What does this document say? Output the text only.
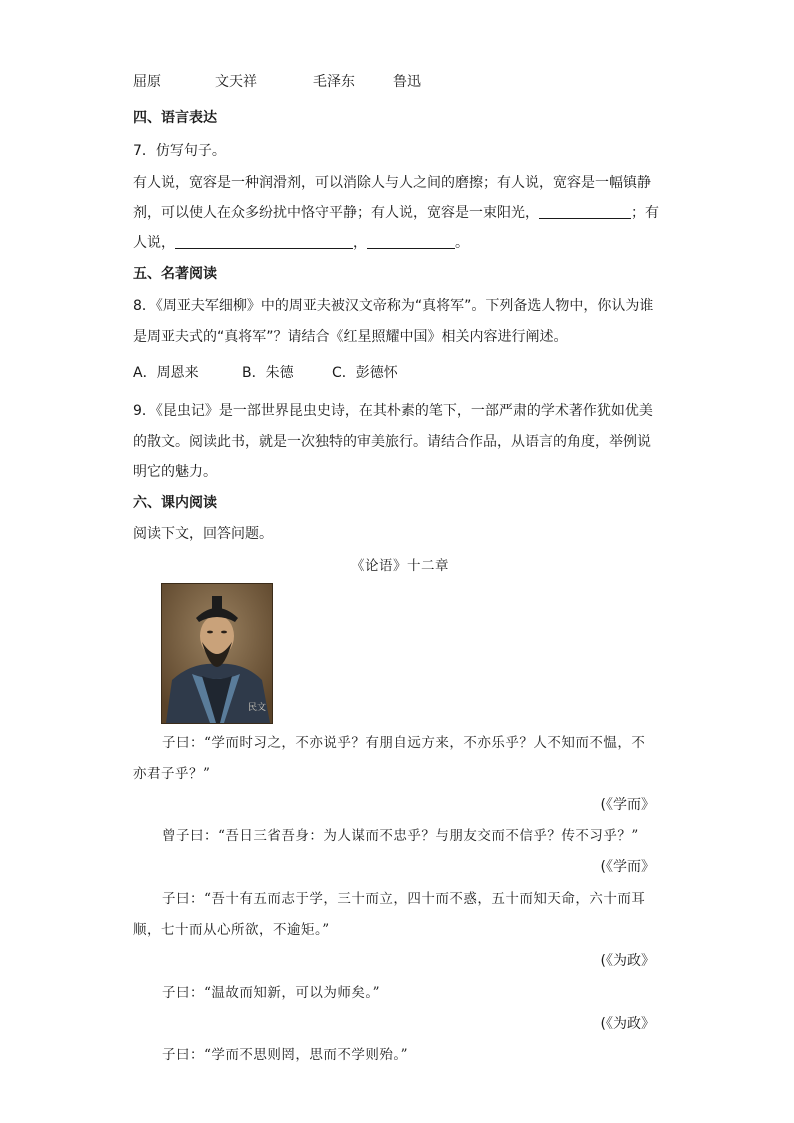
屈原	文天祥	毛泽东	鲁迅
四、语言表达
7．仿写句子。
有人说，宽容是一种润滑剂，可以消除人与人之间的磨擦；有人说，宽容是一幅镇静
剂，可以使人在众多纷扰中恪守平静；有人说，宽容是一束阳光，	；有
人说，	，	。
五、名著阅读
8．《周亚夫军细柳》中的周亚夫被汉文帝称为“真将军”。下列备选人物中，你认为谁
是周亚夫式的“真将军”？请结合《红星照耀中国》相关内容进行阐述。
A．周恩来	B．朱德	C．彭德怀
9．《昆虫记》是一部世界昆虫史诗，在其朴素的笔下，一部严肃的学术著作犹如优美
的散文。阅读此书，就是一次独特的审美旅行。请结合作品，从语言的角度，举例说
明它的魅力。
六、课内阅读
阅读下文，回答问题。
《论语》十二章
民文
子曰：“学而时习之，不亦说乎？有朋自远方来，不亦乐乎？人不知而不愠，不
亦君子乎？”
(《学而》
曾子曰：“吾日三省吾身：为人谋而不忠乎？与朋友交而不信乎？传不习乎？”
(《学而》
子曰：“吾十有五而志于学，三十而立，四十而不惑，五十而知天命，六十而耳
顺，七十而从心所欲，不逾矩。”
(《为政》
子曰：“温故而知新，可以为师矣。”
(《为政》
子曰：“学而不思则罔，思而不学则殆。”
